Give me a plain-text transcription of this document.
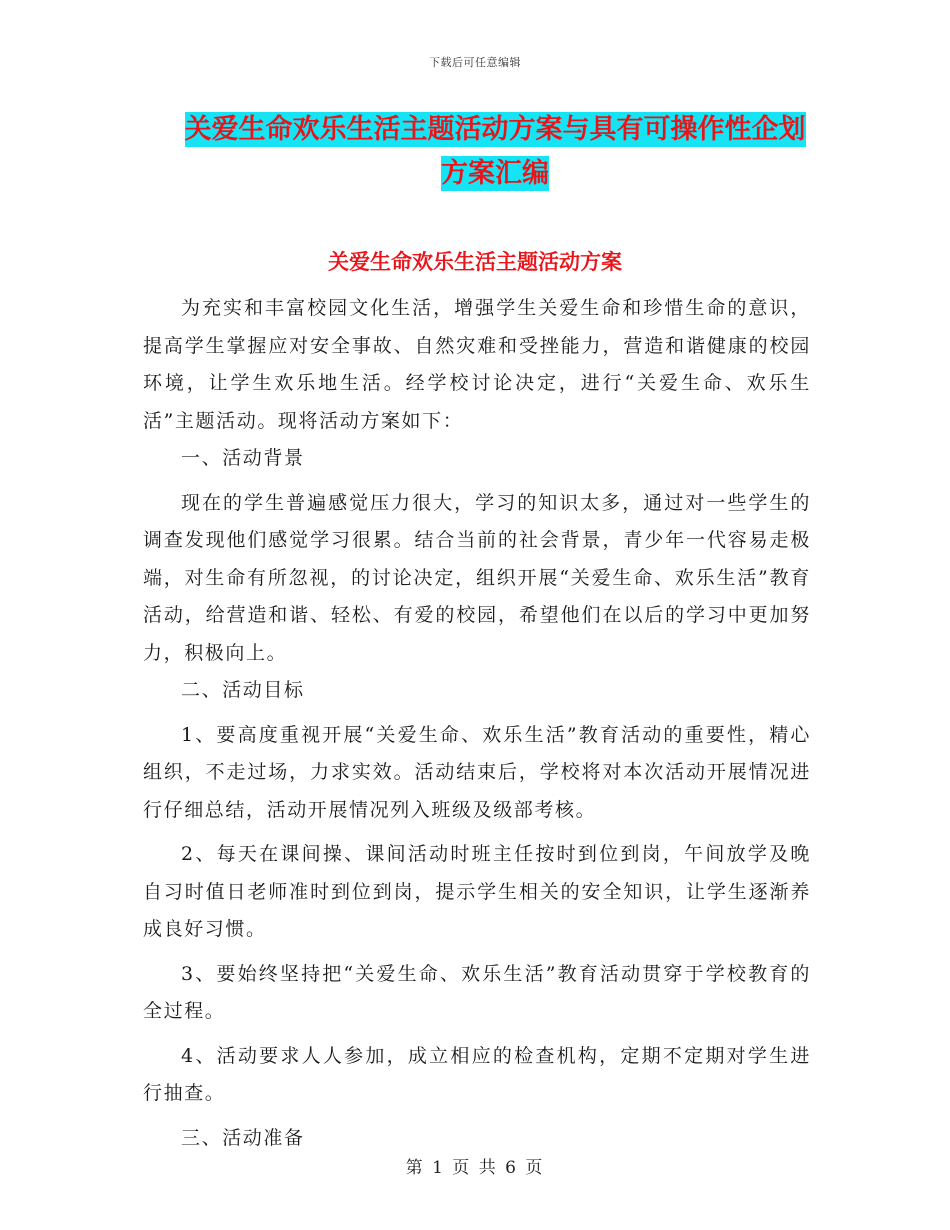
下载后可任意编辑
关爱生命欢乐生活主题活动方案与具有可操作性企划
方案汇编
关爱生命欢乐生活主题活动方案

为充实和丰富校园文化生活，增强学生关爱生命和珍惜生命的意识，提高学生掌握应对安全事故、自然灾难和受挫能力，营造和谐健康的校园环境，让学生欢乐地生活。经学校讨论决定，进行“关爱生命、欢乐生活”主题活动。现将活动方案如下：

一、活动背景

现在的学生普遍感觉压力很大，学习的知识太多，通过对一些学生的调查发现他们感觉学习很累。结合当前的社会背景，青少年一代容易走极端，对生命有所忽视，的讨论决定，组织开展“关爱生命、欢乐生活”教育活动，给营造和谐、轻松、有爱的校园，希望他们在以后的学习中更加努力，积极向上。

二、活动目标

1、要高度重视开展“关爱生命、欢乐生活”教育活动的重要性，精心组织，不走过场，力求实效。活动结束后，学校将对本次活动开展情况进行仔细总结，活动开展情况列入班级及级部考核。

2、每天在课间操、课间活动时班主任按时到位到岗，午间放学及晚自习时值日老师准时到位到岗，提示学生相关的安全知识，让学生逐渐养成良好习惯。

3、要始终坚持把“关爱生命、欢乐生活”教育活动贯穿于学校教育的全过程。

4、活动要求人人参加，成立相应的检查机构，定期不定期对学生进行抽查。

三、活动准备

第 1 页 共 6 页
